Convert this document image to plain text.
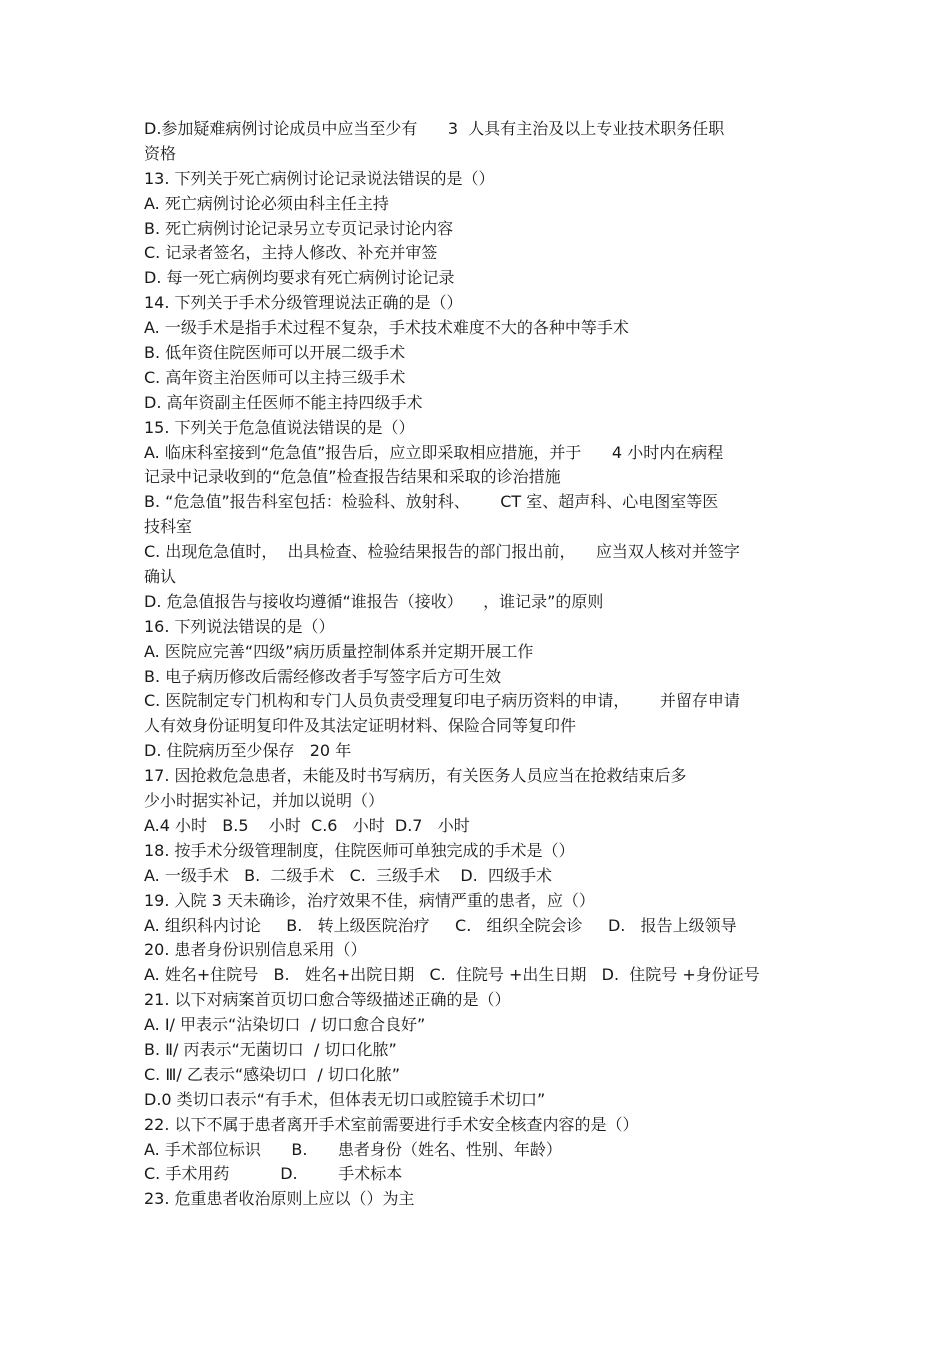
D.参加疑难病例讨论成员中应当至少有      3  人具有主治及以上专业技术职务任职
资格
13. 下列关于死亡病例讨论记录说法错误的是（）
A. 死亡病例讨论必须由科主任主持
B. 死亡病例讨论记录另立专页记录讨论内容
C. 记录者签名，主持人修改、补充并审签
D. 每一死亡病例均要求有死亡病例讨论记录
14. 下列关于手术分级管理说法正确的是（）
A. 一级手术是指手术过程不复杂，手术技术难度不大的各种中等手术
B. 低年资住院医师可以开展二级手术
C. 高年资主治医师可以主持三级手术
D. 高年资副主任医师不能主持四级手术
15. 下列关于危急值说法错误的是（）
A. 临床科室接到“危急值”报告后，应立即采取相应措施，并于      4 小时内在病程
记录中记录收到的“危急值”检查报告结果和采取的诊治措施
B. “危急值”报告科室包括：检验科、放射科、      CT 室、超声科、心电图室等医
技科室
C. 出现危急值时，  出具检查、检验结果报告的部门报出前，    应当双人核对并签字
确认
D. 危急值报告与接收均遵循“谁报告（接收）    ，谁记录”的原则
16. 下列说法错误的是（）
A. 医院应完善“四级”病历质量控制体系并定期开展工作
B. 电子病历修改后需经修改者手写签字后方可生效
C. 医院制定专门机构和专门人员负责受理复印电子病历资料的申请，      并留存申请
人有效身份证明复印件及其法定证明材料、保险合同等复印件
D. 住院病历至少保存   20 年
17. 因抢救危急患者，未能及时书写病历，有关医务人员应当在抢救结束后多
少小时据实补记，并加以说明（）
A.4 小时   B.5    小时  C.6   小时  D.7   小时
18. 按手术分级管理制度，住院医师可单独完成的手术是（）
A. 一级手术   B.  二级手术   C.  三级手术    D.  四级手术
19. 入院 3 天未确诊，治疗效果不佳，病情严重的患者，应（）
A. 组织科内讨论     B.   转上级医院治疗     C.   组织全院会诊     D.   报告上级领导
20. 患者身份识别信息采用（）
A. 姓名+住院号   B.   姓名+出院日期   C.  住院号 +出生日期   D.  住院号 +身份证号
21. 以下对病案首页切口愈合等级描述正确的是（）
A. Ⅰ/ 甲表示“沾染切口  / 切口愈合良好”
B. Ⅱ/ 丙表示“无菌切口  / 切口化脓”
C. Ⅲ/ 乙表示“感染切口  / 切口化脓”
D.0 类切口表示“有手术，但体表无切口或腔镜手术切口”
22. 以下不属于患者离开手术室前需要进行手术安全核查内容的是（）
A. 手术部位标识      B.      患者身份（姓名、性别、年龄）
C. 手术用药          D.        手术标本
23. 危重患者收治原则上应以（）为主
